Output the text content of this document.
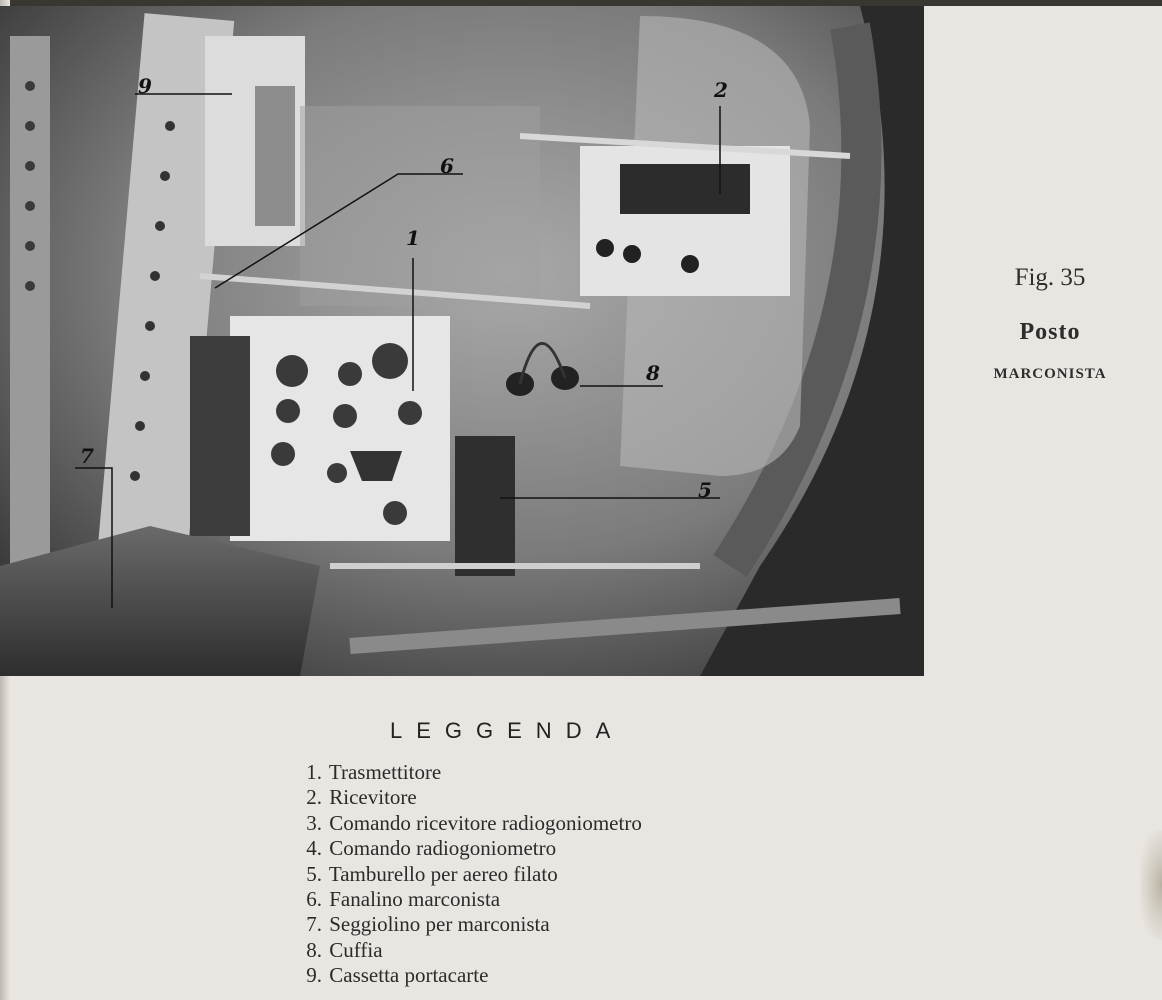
9
6
1
2
8
5
7
Fig. 35
Posto
MARCONISTA
LEGGENDA
1. Trasmettitore
2. Ricevitore
3. Comando ricevitore radiogoniometro
4. Comando radiogoniometro
5. Tamburello per aereo filato
6. Fanalino marconista
7. Seggiolino per marconista
8. Cuffia
9. Cassetta portacarte
